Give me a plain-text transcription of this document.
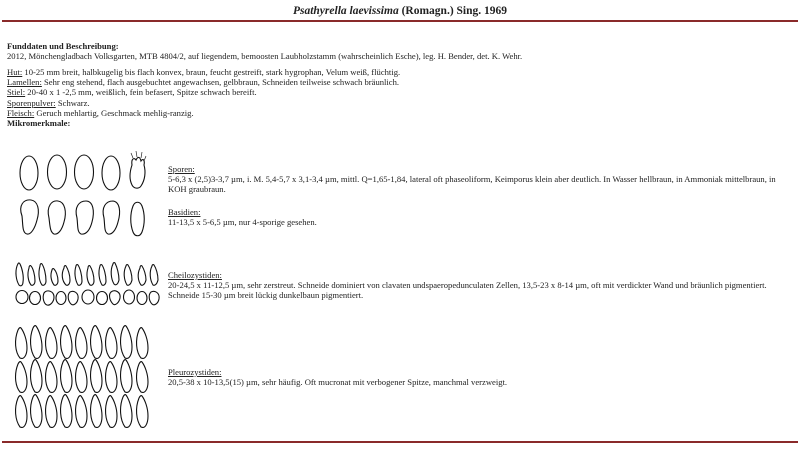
Psathyrella laevissima (Romagn.) Sing. 1969

Funddaten und Beschreibung:

2012, Mönchengladbach Volksgarten, MTB 4804/2, auf liegendem, bemoosten Laubholzstamm (wahrscheinlich Esche), leg. H. Bender, det. K. Wehr.

Hut: 10-25 mm breit, halbkugelig bis flach konvex, braun, feucht gestreift, stark hygrophan, Velum weiß, flüchtig.

Lamellen: Sehr eng stehend, flach ausgebuchtet angewachsen, gelbbraun, Schneiden teilweise schwach bräunlich.

Stiel: 20-40 x 1 -2,5 mm, weißlich, fein befasert, Spitze schwach bereift.

Sporenpulver: Schwarz.

Fleisch: Geruch mehlartig, Geschmack mehlig-ranzig.

Mikromerkmale:

Sporen:
5-6,3 x (2,5)3-3,7 µm, i. M. 5,4-5,7 x 3,1-3,4 µm, mittl. Q=1,65-1,84, lateral oft phaseoliform, Keimporus klein aber deutlich. In Wasser hellbraun, in Ammoniak mittelbraun, in KOH graubraun.
Basidien:
11-13,5 x 5-6,5 µm, nur 4-sporige gesehen.
Cheilozystiden:
20-24,5 x 11-12,5 µm, sehr zerstreut. Schneide dominiert von clavaten undspaeropedunculaten Zellen, 13,5-23 x 8-14 µm, oft mit verdickter Wand und bräunlich pigmentiert. Schneide 15-30 µm breit lückig dunkelbaun pigmentiert.
Pleurozystiden:
20,5-38 x 10-13,5(15) µm, sehr häufig. Oft mucronat mit verbogener Spitze, manchmal verzweigt.
